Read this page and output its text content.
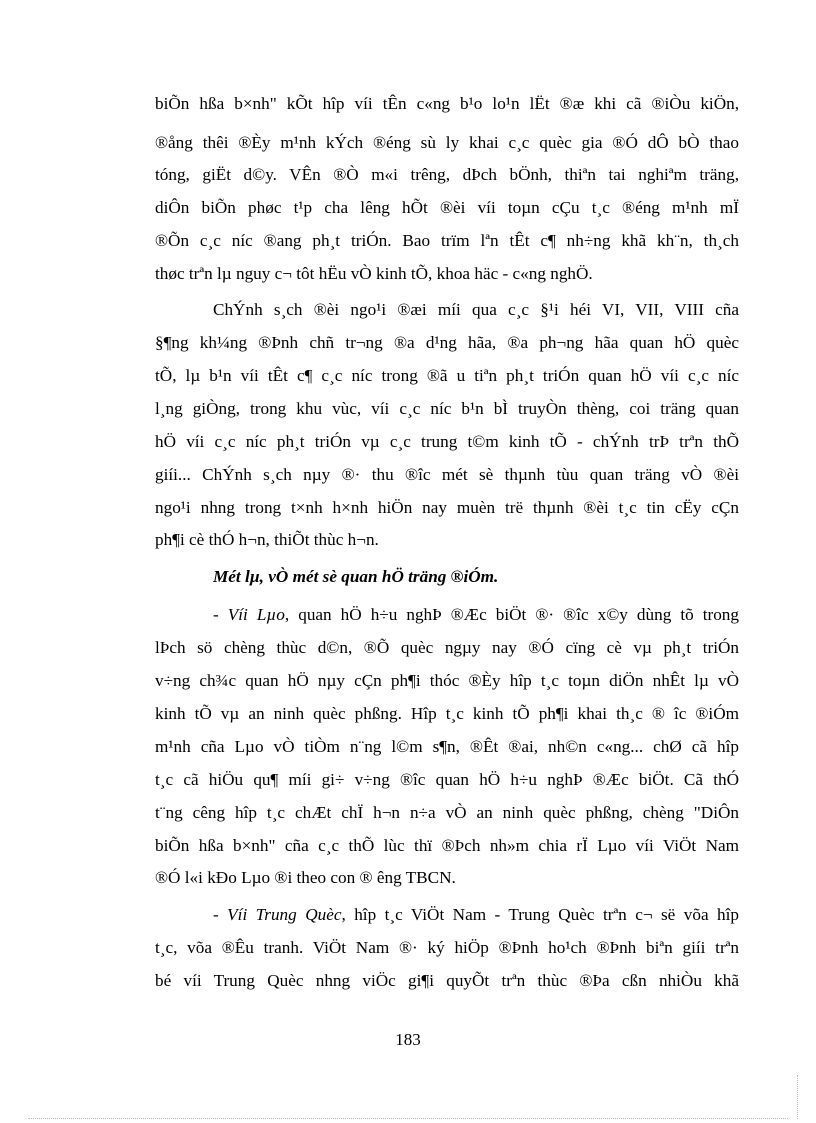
biÕn hßa b×nh" kÕt hîp víi tÊn c«ng b¹o lo¹n lËt ®æ khi cã ®iÒu kiÖn,
®ång thêi ®Èy m¹nh kÝch ®éng sù ly khai c¸c quèc gia ®Ó dÔ bÒ thao
tóng, giËt d©y. VÊn ®Ò m«i trêng, dÞch bÖnh, thiªn tai nghiªm träng,
diÔn biÕn phøc t¹p cha lêng hÕt ®èi víi toµn cÇu t¸c ®éng m¹nh mÏ
®Õn c¸c níc ®ang ph¸t triÓn. Bao trïm lªn tÊt c¶ nh÷ng khã kh¨n, th¸ch
thøc trªn lµ nguy c¬ tôt hËu vÒ kinh tÕ, khoa häc - c«ng nghÖ.
ChÝnh s¸ch ®èi ngo¹i ®æi míi qua c¸c §¹i héi VI, VII, VIII cña
§¶ng kh¼ng ®Þnh chñ tr¬ng ®a d¹ng hãa, ®a ph¬ng hãa quan hÖ quèc
tÕ, lµ b¹n víi tÊt c¶ c¸c níc trong ®ã u tiªn ph¸t triÓn quan hÖ víi c¸c níc
l¸ng giÒng, trong khu vùc, víi c¸c níc b¹n bÌ truyÒn thèng, coi träng quan
hÖ víi c¸c níc ph¸t triÓn vµ c¸c trung t©m kinh tÕ - chÝnh trÞ trªn thÕ
giíi... ChÝnh s¸ch nµy ®· thu ®îc mét sè thµnh tùu quan träng vÒ ®èi
ngo¹i nhng trong t×nh h×nh hiÖn nay muèn trë thµnh ®èi t¸c tin cËy cÇn
ph¶i cè thÓ h¬n, thiÕt thùc h¬n.
Mét lµ, vÒ mét sè quan hÖ träng ®iÓm.
- Víi Lµo, quan hÖ h÷u nghÞ ®Æc biÖt ®· ®îc x©y dùng tõ trong
lÞch sö chèng thùc d©n, ®Õ quèc ngµy nay ®Ó cïng cè vµ ph¸t triÓn
v÷ng ch¾c quan hÖ nµy cÇn ph¶i thóc ®Èy hîp t¸c toµn diÖn nhÊt lµ vÒ
kinh tÕ vµ an ninh quèc phßng. Hîp t¸c kinh tÕ ph¶i khai th¸c ® îc ®iÓm
m¹nh cña Lµo vÒ tiÒm n¨ng l©m s¶n, ®Êt ®ai, nh©n c«ng... chØ cã hîp
t¸c cã hiÖu qu¶ míi gi÷ v÷ng ®îc quan hÖ h÷u nghÞ ®Æc biÖt. Cã thÓ
t¨ng cêng hîp t¸c chÆt chÏ h¬n n÷a vÒ an ninh quèc phßng, chèng "DiÔn
biÕn hßa b×nh" cña c¸c thÕ lùc thï ®Þch nh»m chia rÏ Lµo víi ViÖt Nam
®Ó l«i kÐo Lµo ®i theo con ® êng TBCN.
- Víi Trung Quèc, hîp t¸c ViÖt Nam - Trung Quèc trªn c¬ së võa hîp
t¸c, võa ®Êu tranh. ViÖt Nam ®· ký hiÖp ®Þnh ho¹ch ®Þnh biªn giíi trªn
bé víi Trung Quèc nhng viÖc gi¶i quyÕt trªn thùc ®Þa cßn nhiÒu khã
183
